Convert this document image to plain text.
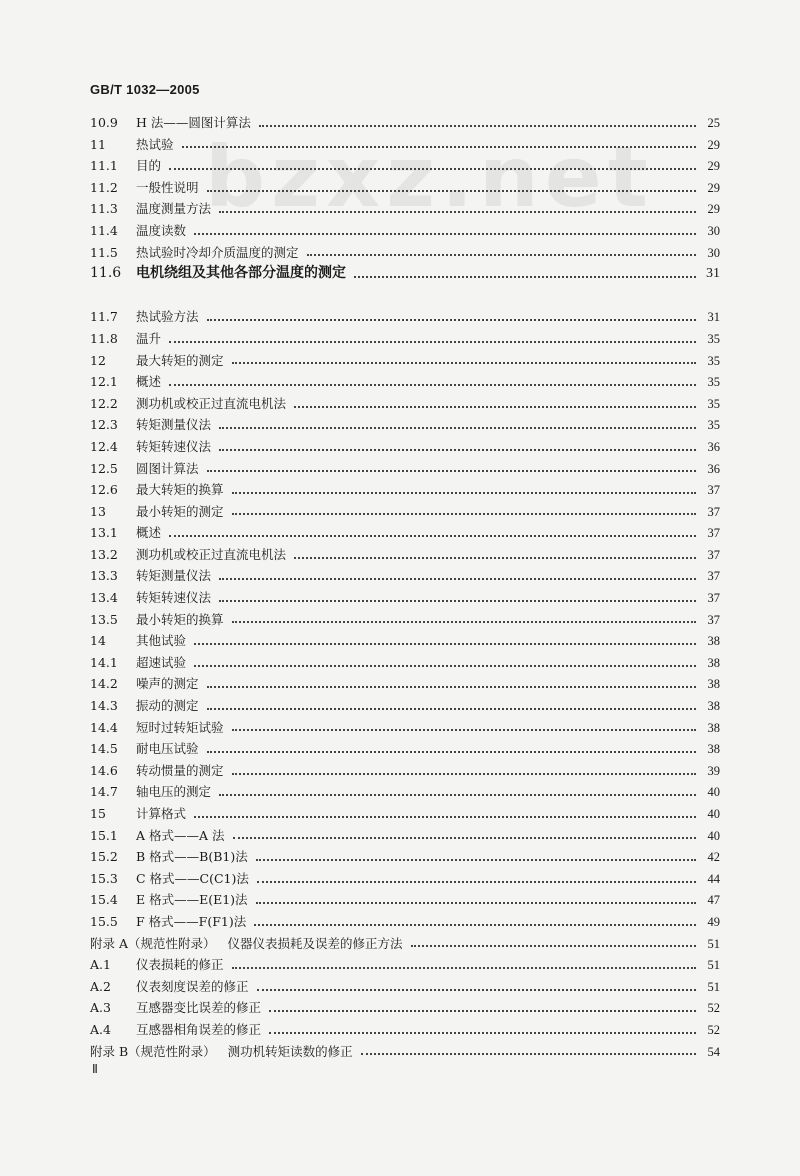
GB/T 1032—2005
bzxz.net
10.9	H 法——圆图计算法	25
11	热试验	29
11.1	目的	29
11.2	一般性说明	29
11.3	温度测量方法	29
11.4	温度读数	30
11.5	热试验时冷却介质温度的测定	30
11.6	电机绕组及其他各部分温度的测定	31
11.7	热试验方法	31
11.8	温升	35
12	最大转矩的测定	35
12.1	概述	35
12.2	测功机或校正过直流电机法	35
12.3	转矩测量仪法	35
12.4	转矩转速仪法	36
12.5	圆图计算法	36
12.6	最大转矩的换算	37
13	最小转矩的测定	37
13.1	概述	37
13.2	测功机或校正过直流电机法	37
13.3	转矩测量仪法	37
13.4	转矩转速仪法	37
13.5	最小转矩的换算	37
14	其他试验	38
14.1	超速试验	38
14.2	噪声的测定	38
14.3	振动的测定	38
14.4	短时过转矩试验	38
14.5	耐电压试验	38
14.6	转动惯量的测定	39
14.7	轴电压的测定	40
15	计算格式	40
15.1	A 格式——A 法	40
15.2	B 格式——B(B1)法	42
15.3	C 格式——C(C1)法	44
15.4	E 格式——E(E1)法	47
15.5	F 格式——F(F1)法	49
附录 A（规范性附录） 仪器仪表损耗及误差的修正方法	51
A.1	仪表损耗的修正	51
A.2	仪表刻度误差的修正	51
A.3	互感器变比误差的修正	52
A.4	互感器相角误差的修正	52
附录 B（规范性附录） 测功机转矩读数的修正	54
Ⅱ
